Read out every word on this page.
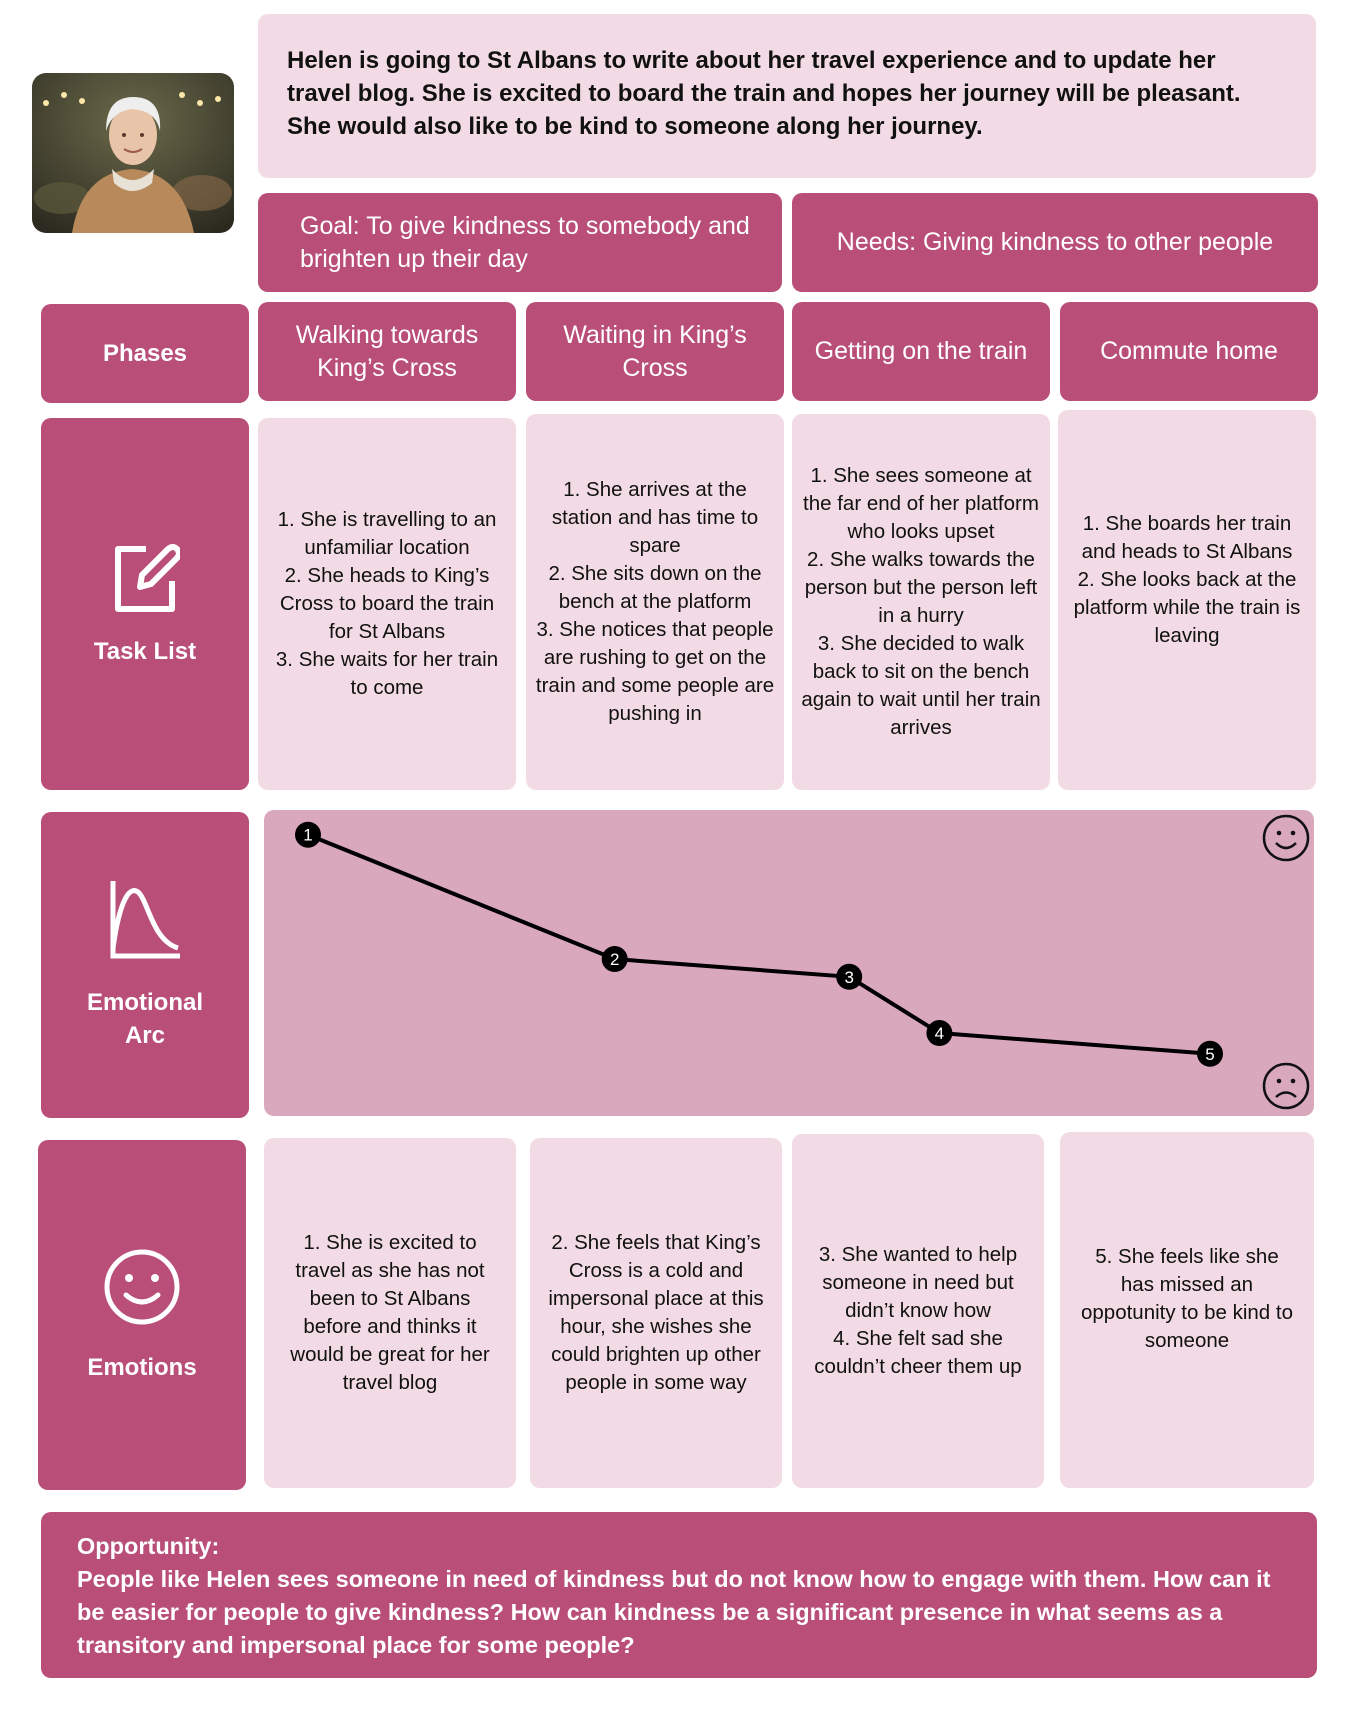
Helen is going to St Albans to write about her travel experience and to update her travel blog. She is excited to board the train and hopes her journey will be pleasant. She would also like to be kind to someone along her journey.
Goal: To give kindness to somebody and brighten up their day
Needs: Giving kindness to other people
Phases
Walking towards King’s Cross
Waiting in King’s Cross
Getting on the train	Commute home
Task List
1. She is travelling to an unfamiliar location
2. She heads to King’s Cross to board the train for St Albans
3. She waits for her train to come
1. She arrives at the station and has time to spare
2. She sits down on the bench at the platform
3. She notices that people are rushing to get on the train and some people are pushing in
1. She sees someone at the far end of her platform who looks upset
2. She walks towards the person but the person left in a hurry
3. She decided to walk back to sit on the bench again to wait until her train arrives
1. She boards her train and heads to St Albans
2. She looks back at the platform while the train is leaving
Emotional
Arc
1
2
3
4
5
Emotions
1. She is excited to travel as she has not been to St Albans before and thinks it would be great for her travel blog
2. She feels that King’s Cross is a cold and impersonal place at this hour, she wishes she could brighten up other people in some way
3. She wanted to help someone in need but didn’t know how
4. She felt sad she couldn’t cheer them up
5. She feels like she has missed an oppotunity to be kind to someone
Opportunity:
People like Helen sees someone in need of kindness but do not know how to engage with them. How can it be easier for people to give kindness? How can kindness be a significant presence in what seems as a transitory and impersonal place for some people?
